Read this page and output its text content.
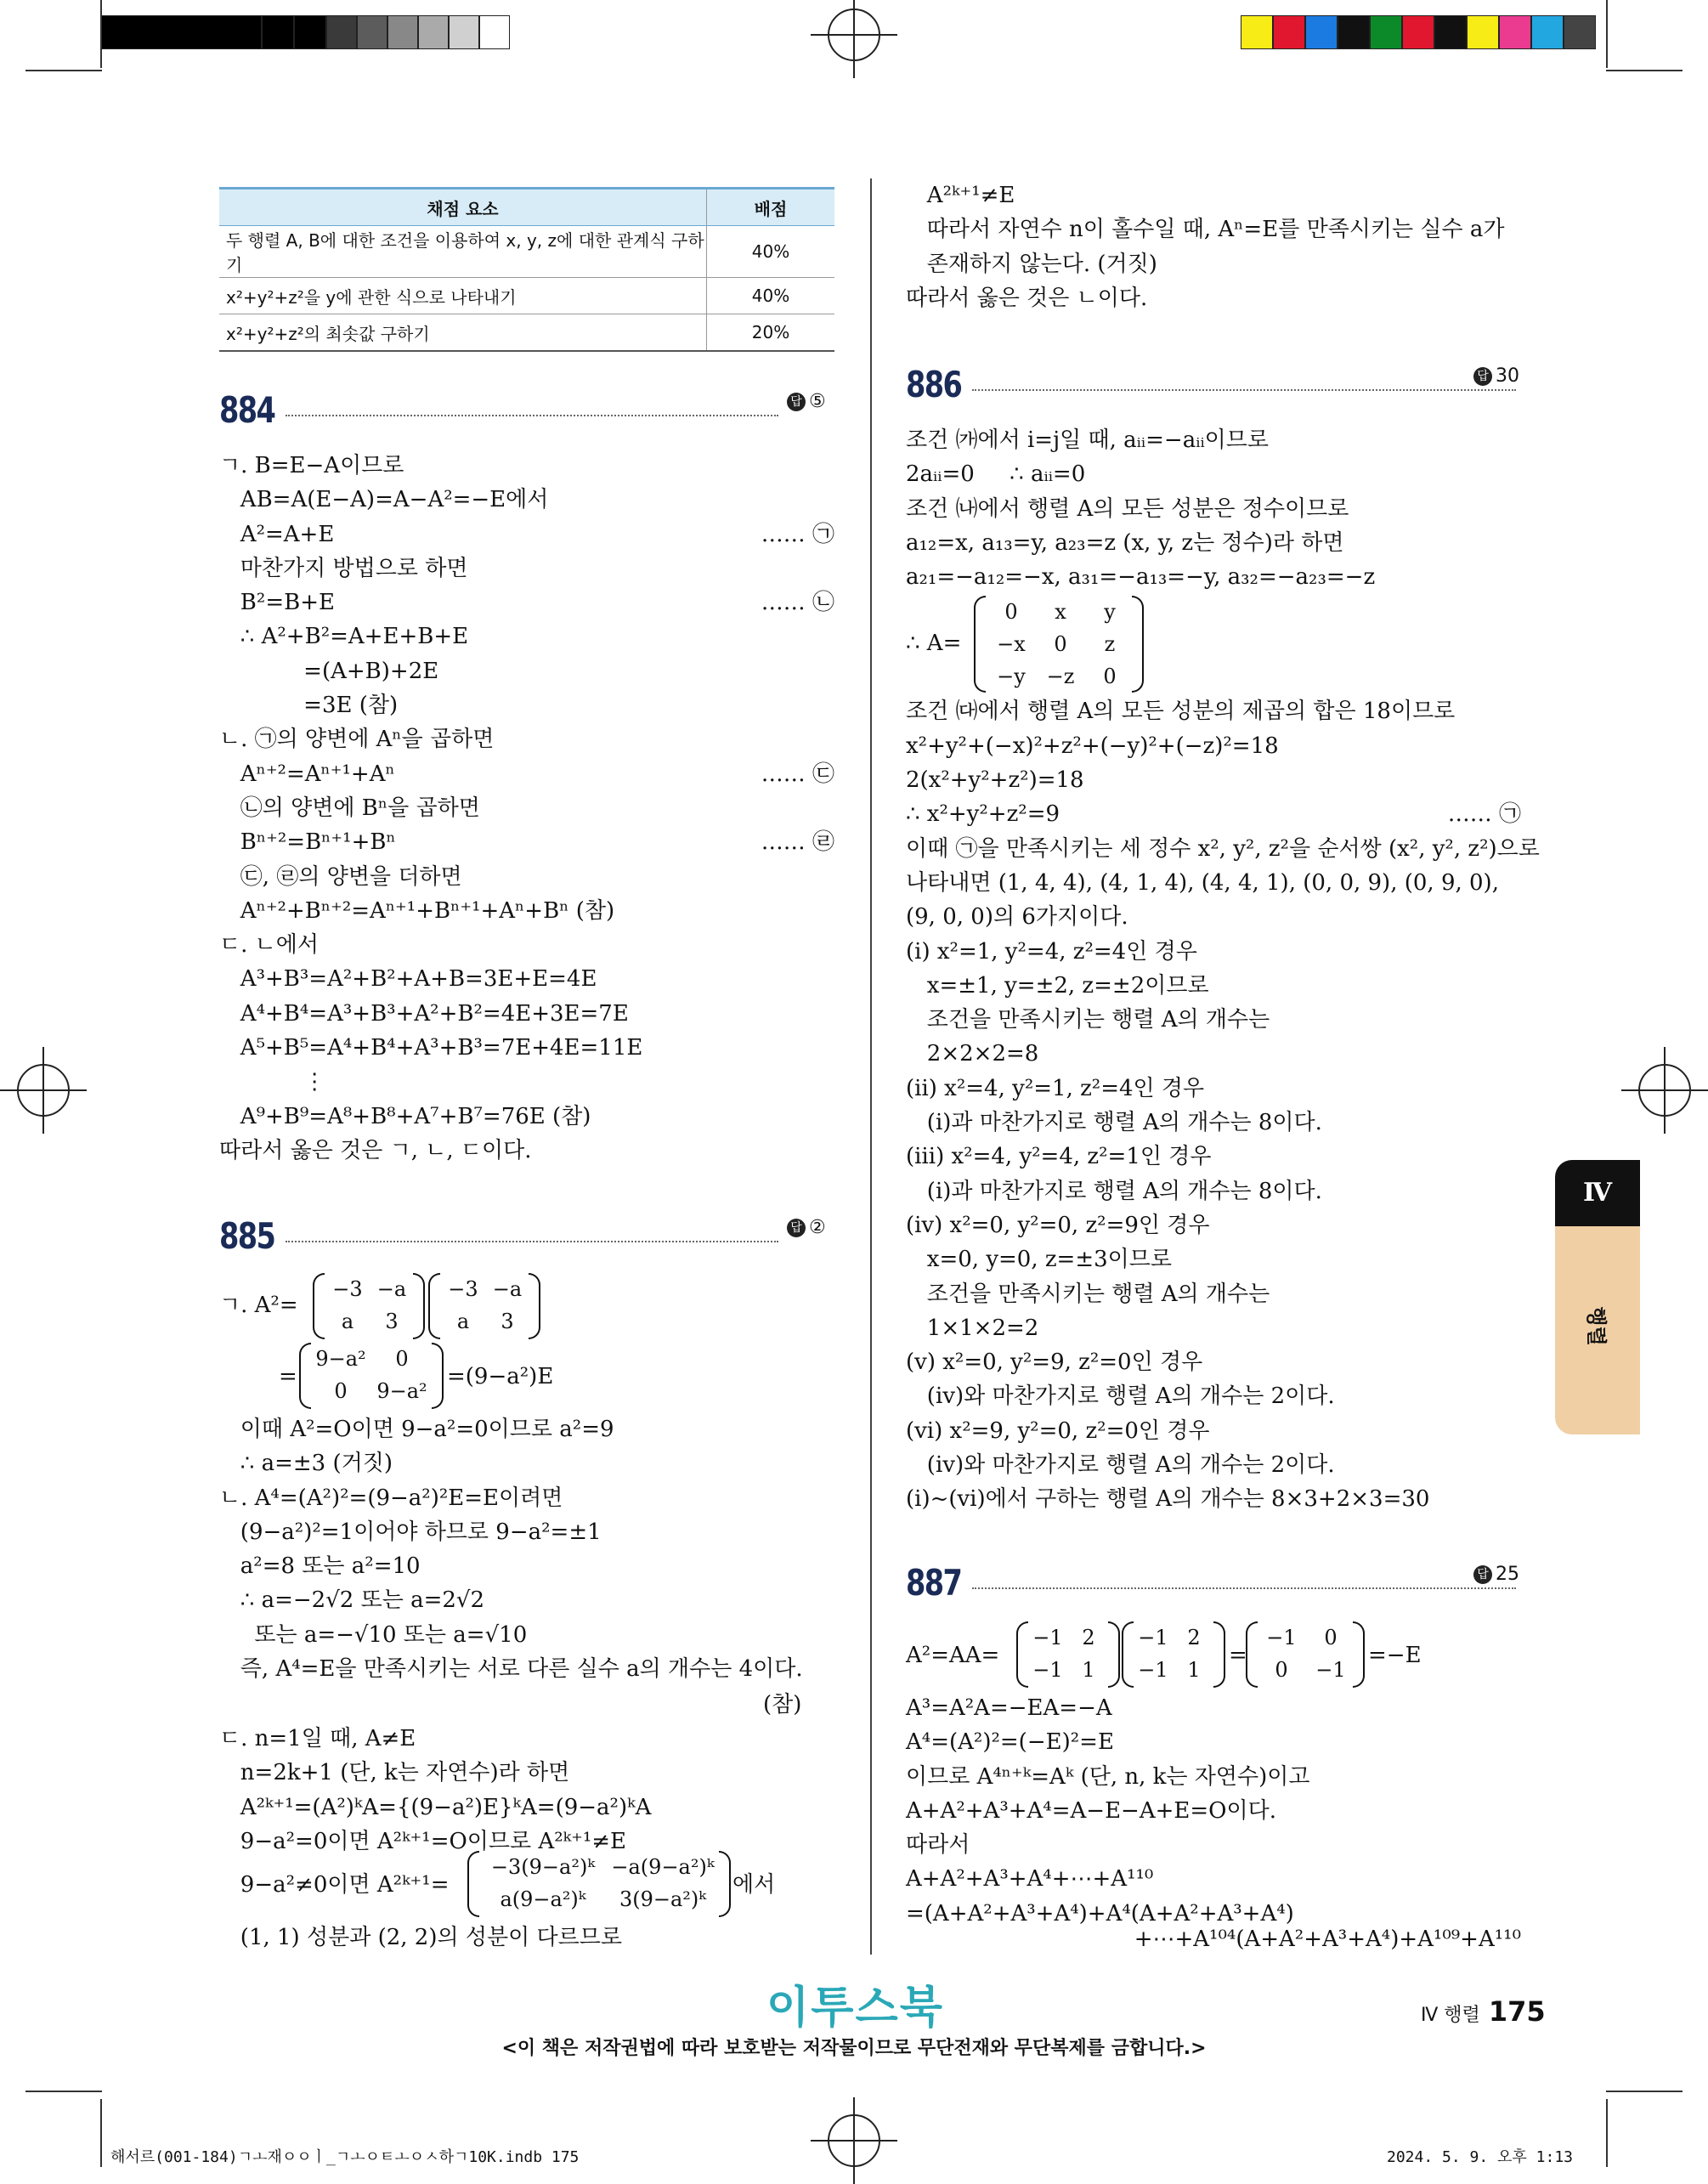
채점 요소	배점
두 행렬 A, B에 대한 조건을 이용하여 x, y, z에 대한 관계식 구하기	40%
x²+y²+z²을 y에 관한 식으로 나타내기	40%
x²+y²+z²의 최솟값 구하기	20%
884	답 ⑤
ㄱ. B=E−A이므로
AB=A(E−A)=A−A²=−E에서
A²=A+E	…… ㉠
마찬가지 방법으로 하면
B²=B+E	…… ㉡
∴ A²+B²=A+E+B+E
=(A+B)+2E
=3E (참)
ㄴ. ㉠의 양변에 Aⁿ을 곱하면
Aⁿ⁺²=Aⁿ⁺¹+Aⁿ	…… ㉢
㉡의 양변에 Bⁿ을 곱하면
Bⁿ⁺²=Bⁿ⁺¹+Bⁿ	…… ㉣
㉢, ㉣의 양변을 더하면
Aⁿ⁺²+Bⁿ⁺²=Aⁿ⁺¹+Bⁿ⁺¹+Aⁿ+Bⁿ (참)
ㄷ. ㄴ에서
A³+B³=A²+B²+A+B=3E+E=4E
A⁴+B⁴=A³+B³+A²+B²=4E+3E=7E
A⁵+B⁵=A⁴+B⁴+A³+B³=7E+4E=11E
⋮
A⁹+B⁹=A⁸+B⁸+A⁷+B⁷=76E (참)
따라서 옳은 것은 ㄱ, ㄴ, ㄷ이다.
885	답 ②
ㄱ. A²=
−3 −a
a	3
−3 −a
a	3
=
9−a²	0
0	9−a²
=(9−a²)E
이때 A²=O이면 9−a²=0이므로 a²=9
∴ a=±3 (거짓)
ㄴ. A⁴=(A²)²=(9−a²)²E=E이려면
(9−a²)²=1이어야 하므로 9−a²=±1
a²=8 또는 a²=10
∴ a=−2√2 또는 a=2√2
또는 a=−√10 또는 a=√10
즉, A⁴=E을 만족시키는 서로 다른 실수 a의 개수는 4이다.
(참)
ㄷ. n=1일 때, A≠E
n=2k+1 (단, k는 자연수)라 하면
A²ᵏ⁺¹=(A²)ᵏA={(9−a²)E}ᵏA=(9−a²)ᵏA
9−a²=0이면 A²ᵏ⁺¹=O이므로 A²ᵏ⁺¹≠E
9−a²≠0이면 A²ᵏ⁺¹=
−3(9−a²)ᵏ −a(9−a²)ᵏ
a(9−a²)ᵏ	3(9−a²)ᵏ
에서
(1, 1) 성분과 (2, 2)의 성분이 다르므로
A²ᵏ⁺¹≠E
따라서 자연수 n이 홀수일 때, Aⁿ=E를 만족시키는 실수 a가
존재하지 않는다. (거짓)
따라서 옳은 것은 ㄴ이다.
886	답 30
조건 ㈎에서 i=j일 때, aᵢᵢ=−aᵢᵢ이므로
2aᵢᵢ=0     ∴ aᵢᵢ=0
조건 ㈏에서 행렬 A의 모든 성분은 정수이므로
a₁₂=x, a₁₃=y, a₂₃=z (x, y, z는 정수)라 하면
a₂₁=−a₁₂=−x, a₃₁=−a₁₃=−y, a₃₂=−a₂₃=−z
∴ A=
0	x	y
−x	0	z
−y	−z	0
조건 ㈐에서 행렬 A의 모든 성분의 제곱의 합은 18이므로
x²+y²+(−x)²+z²+(−y)²+(−z)²=18
2(x²+y²+z²)=18
∴ x²+y²+z²=9	…… ㉠
이때 ㉠을 만족시키는 세 정수 x², y², z²을 순서쌍 (x², y², z²)으로
나타내면 (1, 4, 4), (4, 1, 4), (4, 4, 1), (0, 0, 9), (0, 9, 0),
(9, 0, 0)의 6가지이다.
(ⅰ) x²=1, y²=4, z²=4인 경우
x=±1, y=±2, z=±2이므로
조건을 만족시키는 행렬 A의 개수는
2×2×2=8
(ⅱ) x²=4, y²=1, z²=4인 경우
(ⅰ)과 마찬가지로 행렬 A의 개수는 8이다.
(ⅲ) x²=4, y²=4, z²=1인 경우
(ⅰ)과 마찬가지로 행렬 A의 개수는 8이다.
(ⅳ) x²=0, y²=0, z²=9인 경우
x=0, y=0, z=±3이므로
조건을 만족시키는 행렬 A의 개수는
1×1×2=2
(ⅴ) x²=0, y²=9, z²=0인 경우
(ⅳ)와 마찬가지로 행렬 A의 개수는 2이다.
(ⅵ) x²=9, y²=0, z²=0인 경우
(ⅳ)와 마찬가지로 행렬 A의 개수는 2이다.
(ⅰ)~(ⅵ)에서 구하는 행렬 A의 개수는 8×3+2×3=30
887	답 25
A²=AA=
−1 2
−1 1
−1 2
−1 1
=
−1	0
0	−1
=−E
A³=A²A=−EA=−A
A⁴=(A²)²=(−E)²=E
이므로 A⁴ⁿ⁺ᵏ=Aᵏ (단, n, k는 자연수)이고
A+A²+A³+A⁴=A−E−A+E=O이다.
따라서
A+A²+A³+A⁴+⋯+A¹¹⁰
=(A+A²+A³+A⁴)+A⁴(A+A²+A³+A⁴)
+⋯+A¹⁰⁴(A+A²+A³+A⁴)+A¹⁰⁹+A¹¹⁰
Ⅳ
행렬
이투스북	Ⅳ 행렬 175
<이 책은 저작권법에 따라 보호받는 저작물이므로 무단전재와 무단복제를 금합니다.>
해서르(001-184)ㄱㅗ재ㅇㅇㅣ_ㄱㅗㅇㅌㅗㅇㅅ하ㄱ10K.indb 175	2024. 5. 9. 오후 1:13
